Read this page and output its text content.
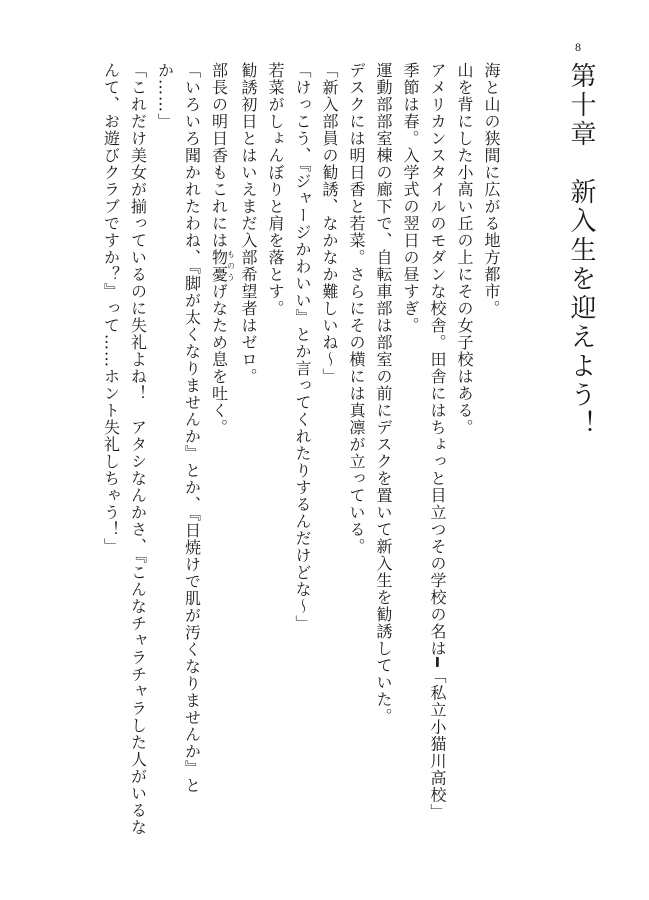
8
第十章　新入生を迎えよう！

海と山の狭間に広がる地方都市。

山を背にした小高い丘の上にその女子校はある。

アメリカンスタイルのモダンな校舎。田舎にはちょっと目立つその学校の名は━「私立小猫川高校」

季節は春。入学式の翌日の昼すぎ。

運動部部室棟の廊下で、自転車部は部室の前にデスクを置いて新入生を勧誘していた。

デスクには明日香と若菜。さらにその横には真凛が立っている。

「新入部員の勧誘、なかなか難しいね～」

「けっこう、『ジャージかわいい』とか言ってくれたりするんだけどな～」

若菜がしょんぼりと肩を落とす。

勧誘初日とはいえまだ入部希望者はゼロ。

部長の明日香もこれには物憂ものうげなため息を吐く。

「いろいろ聞かれたわね、『脚が太くなりませんか』とか、『日焼けで肌が汚くなりませんか』とか……」

「これだけ美女が揃っているのに失礼よね！　アタシなんかさ、『こんなチャラチャラした人がいるなんて、お遊びクラブですか？』って……ホント失礼しちゃう！」
